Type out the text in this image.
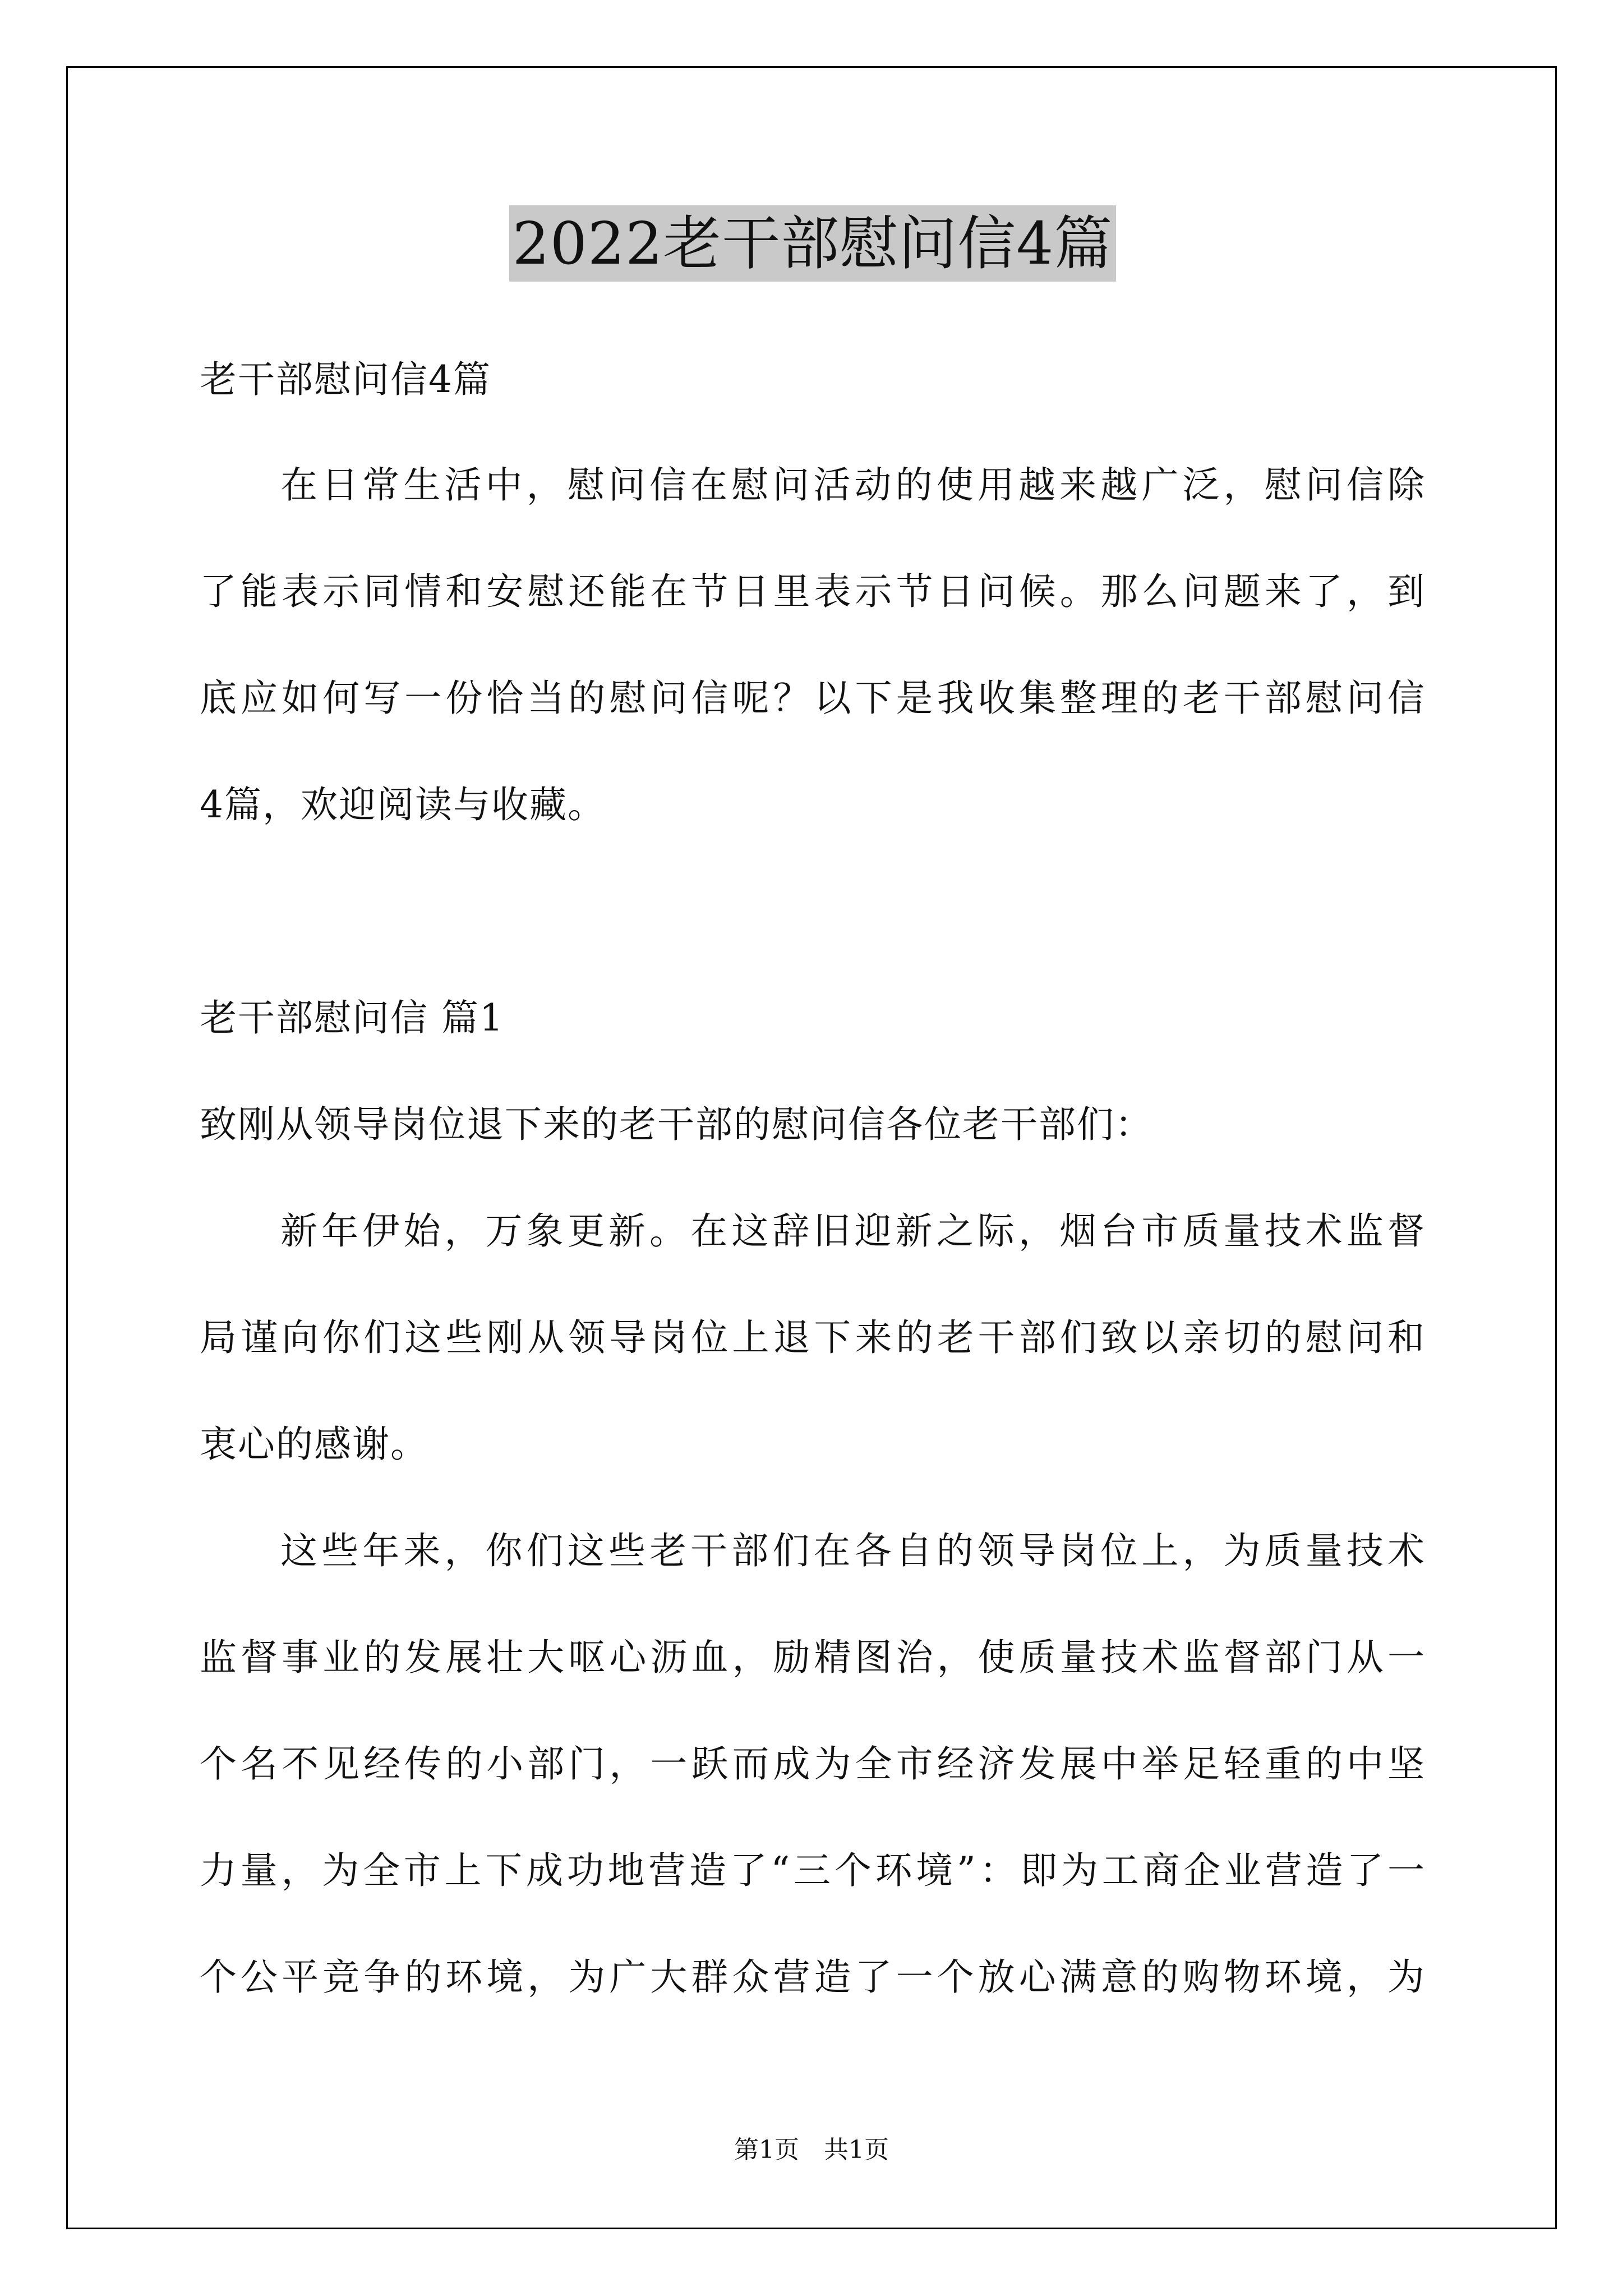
2022老干部慰问信4篇
老干部慰问信4篇
在日常生活中，慰问信在慰问活动的使用越来越广泛，慰问信除
了能表示同情和安慰还能在节日里表示节日问候。那么问题来了，到
底应如何写一份恰当的慰问信呢？以下是我收集整理的老干部慰问信
4篇，欢迎阅读与收藏。
老干部慰问信 篇1
致刚从领导岗位退下来的老干部的慰问信各位老干部们：
新年伊始，万象更新。在这辞旧迎新之际，烟台市质量技术监督
局谨向你们这些刚从领导岗位上退下来的老干部们致以亲切的慰问和
衷心的感谢。
这些年来，你们这些老干部们在各自的领导岗位上，为质量技术
监督事业的发展壮大呕心沥血，励精图治，使质量技术监督部门从一
个名不见经传的小部门，一跃而成为全市经济发展中举足轻重的中坚
力量，为全市上下成功地营造了“三个环境”：即为工商企业营造了一
个公平竞争的环境，为广大群众营造了一个放心满意的购物环境，为
第1页　共1页
